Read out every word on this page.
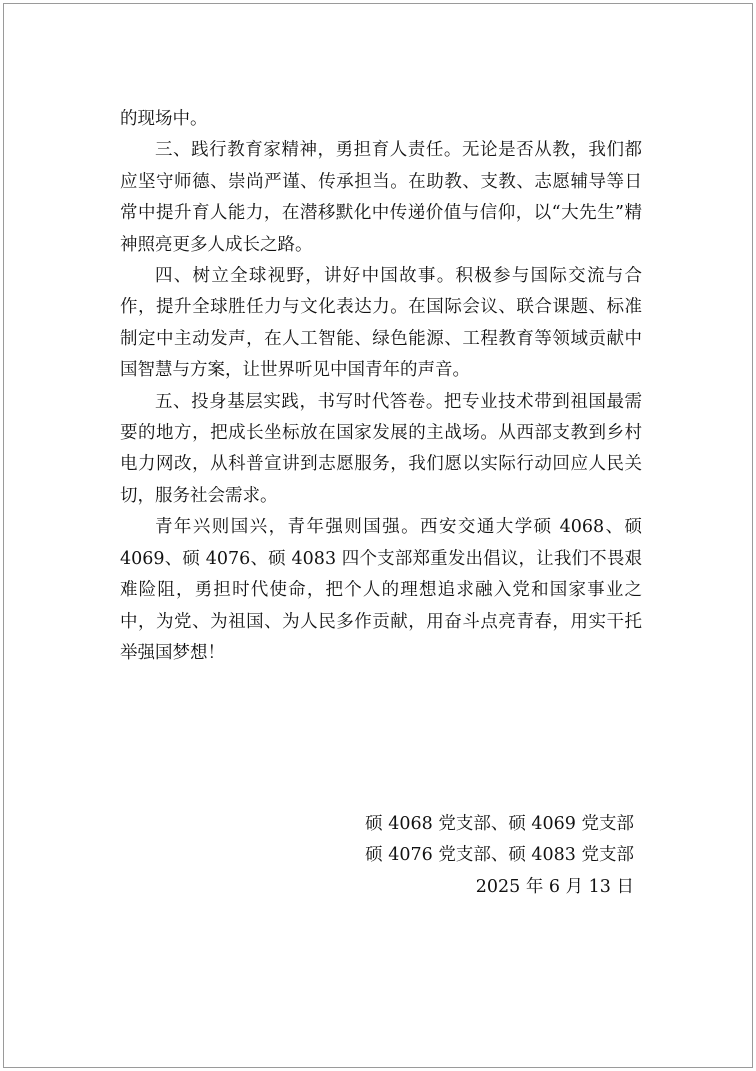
的现场中。

三、践行教育家精神，勇担育人责任。无论是否从教，我们都应坚守师德、崇尚严谨、传承担当。在助教、支教、志愿辅导等日常中提升育人能力，在潜移默化中传递价值与信仰，以“大先生”精神照亮更多人成长之路。

四、树立全球视野，讲好中国故事。积极参与国际交流与合作，提升全球胜任力与文化表达力。在国际会议、联合课题、标准制定中主动发声，在人工智能、绿色能源、工程教育等领域贡献中国智慧与方案，让世界听见中国青年的声音。

五、投身基层实践，书写时代答卷。把专业技术带到祖国最需要的地方，把成长坐标放在国家发展的主战场。从西部支教到乡村电力网改，从科普宣讲到志愿服务，我们愿以实际行动回应人民关切，服务社会需求。

青年兴则国兴，青年强则国强。西安交通大学硕 4068、硕 4069、硕 4076、硕 4083 四个支部郑重发出倡议，让我们不畏艰难险阻，勇担时代使命，把个人的理想追求融入党和国家事业之中，为党、为祖国、为人民多作贡献，用奋斗点亮青春，用实干托举强国梦想！

硕 4068 党支部、硕 4069 党支部
硕 4076 党支部、硕 4083 党支部
2025 年 6 月 13 日
